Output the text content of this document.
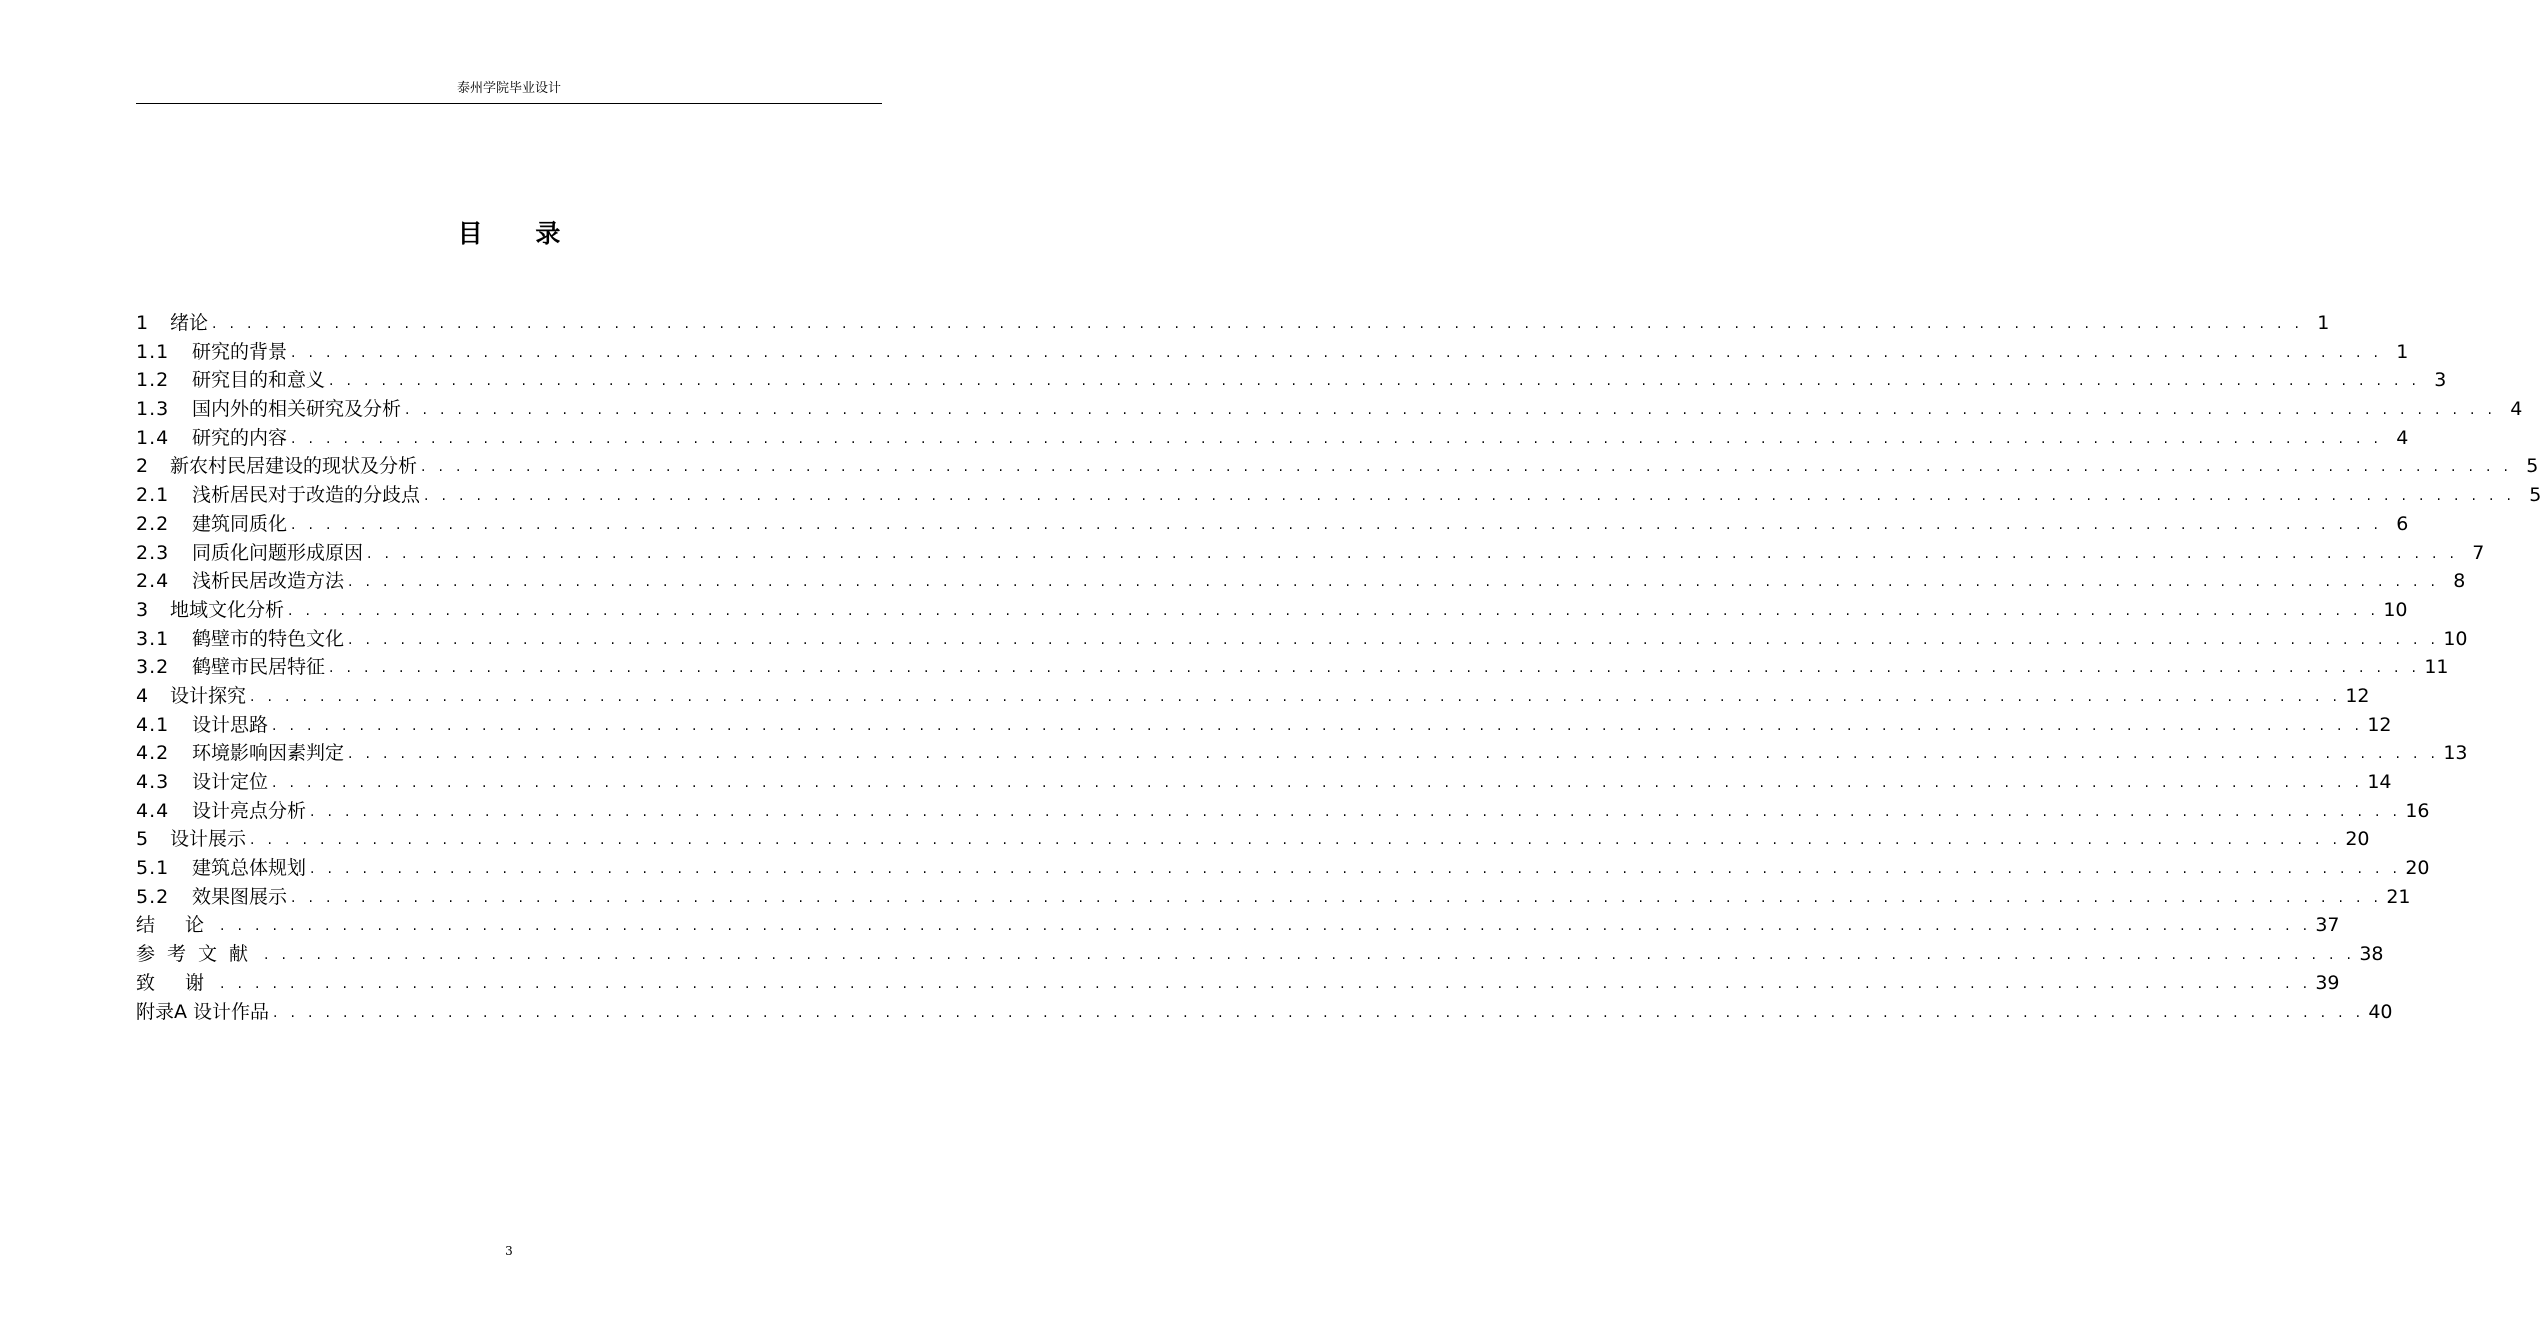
泰州学院毕业设计
目 录
1 绪论 . . . . . . . . . . . . . . . . . . . . . . . . . . . . . . . . . . . . . . . . . . . . . . . . . . . . . . . . . . . . . . . . . . . . . . . . . . . . . . . . . . . . . . . . . . . . . . . . . . . . . . . . . . . . . . . . . . . . . . . . 1
1.1 研究的背景 . . . . . . . . . . . . . . . . . . . . . . . . . . . . . . . . . . . . . . . . . . . . . . . . . . . . . . . . . . . . . . . . . . . . . . . . . . . . . . . . . . . . . . . . . . . . . . . . . . . . . . . . . . . . . . . . . . . . . . . . 1
1.2 研究目的和意义 . . . . . . . . . . . . . . . . . . . . . . . . . . . . . . . . . . . . . . . . . . . . . . . . . . . . . . . . . . . . . . . . . . . . . . . . . . . . . . . . . . . . . . . . . . . . . . . . . . . . . . . . . . . . . . . . . . . . . . . . 3
1.3 国内外的相关研究及分析 . . . . . . . . . . . . . . . . . . . . . . . . . . . . . . . . . . . . . . . . . . . . . . . . . . . . . . . . . . . . . . . . . . . . . . . . . . . . . . . . . . . . . . . . . . . . . . . . . . . . . . . . . . . . . . . . . . . . . . . . 4
1.4 研究的内容 . . . . . . . . . . . . . . . . . . . . . . . . . . . . . . . . . . . . . . . . . . . . . . . . . . . . . . . . . . . . . . . . . . . . . . . . . . . . . . . . . . . . . . . . . . . . . . . . . . . . . . . . . . . . . . . . . . . . . . . . 4
2 新农村民居建设的现状及分析 . . . . . . . . . . . . . . . . . . . . . . . . . . . . . . . . . . . . . . . . . . . . . . . . . . . . . . . . . . . . . . . . . . . . . . . . . . . . . . . . . . . . . . . . . . . . . . . . . . . . . . . . . . . . . . . . . . . . . . . . 5
2.1 浅析居民对于改造的分歧点 . . . . . . . . . . . . . . . . . . . . . . . . . . . . . . . . . . . . . . . . . . . . . . . . . . . . . . . . . . . . . . . . . . . . . . . . . . . . . . . . . . . . . . . . . . . . . . . . . . . . . . . . . . . . . . . . . . . . . . . . 5
2.2 建筑同质化 . . . . . . . . . . . . . . . . . . . . . . . . . . . . . . . . . . . . . . . . . . . . . . . . . . . . . . . . . . . . . . . . . . . . . . . . . . . . . . . . . . . . . . . . . . . . . . . . . . . . . . . . . . . . . . . . . . . . . . . . 6
2.3 同质化问题形成原因 . . . . . . . . . . . . . . . . . . . . . . . . . . . . . . . . . . . . . . . . . . . . . . . . . . . . . . . . . . . . . . . . . . . . . . . . . . . . . . . . . . . . . . . . . . . . . . . . . . . . . . . . . . . . . . . . . . . . . . . . 7
2.4 浅析民居改造方法 . . . . . . . . . . . . . . . . . . . . . . . . . . . . . . . . . . . . . . . . . . . . . . . . . . . . . . . . . . . . . . . . . . . . . . . . . . . . . . . . . . . . . . . . . . . . . . . . . . . . . . . . . . . . . . . . . . . . . . . . 8
3 地域文化分析 . . . . . . . . . . . . . . . . . . . . . . . . . . . . . . . . . . . . . . . . . . . . . . . . . . . . . . . . . . . . . . . . . . . . . . . . . . . . . . . . . . . . . . . . . . . . . . . . . . . . . . . . . . . . . . . . . . . . . . . . 10
3.1 鹤壁市的特色文化 . . . . . . . . . . . . . . . . . . . . . . . . . . . . . . . . . . . . . . . . . . . . . . . . . . . . . . . . . . . . . . . . . . . . . . . . . . . . . . . . . . . . . . . . . . . . . . . . . . . . . . . . . . . . . . . . . . . . . . . . 10
3.2 鹤壁市民居特征 . . . . . . . . . . . . . . . . . . . . . . . . . . . . . . . . . . . . . . . . . . . . . . . . . . . . . . . . . . . . . . . . . . . . . . . . . . . . . . . . . . . . . . . . . . . . . . . . . . . . . . . . . . . . . . . . . . . . . . . . 11
4 设计探究 . . . . . . . . . . . . . . . . . . . . . . . . . . . . . . . . . . . . . . . . . . . . . . . . . . . . . . . . . . . . . . . . . . . . . . . . . . . . . . . . . . . . . . . . . . . . . . . . . . . . . . . . . . . . . . . . . . . . . . . . 12
4.1 设计思路 . . . . . . . . . . . . . . . . . . . . . . . . . . . . . . . . . . . . . . . . . . . . . . . . . . . . . . . . . . . . . . . . . . . . . . . . . . . . . . . . . . . . . . . . . . . . . . . . . . . . . . . . . . . . . . . . . . . . . . . . 12
4.2 环境影响因素判定 . . . . . . . . . . . . . . . . . . . . . . . . . . . . . . . . . . . . . . . . . . . . . . . . . . . . . . . . . . . . . . . . . . . . . . . . . . . . . . . . . . . . . . . . . . . . . . . . . . . . . . . . . . . . . . . . . . . . . . . . 13
4.3 设计定位 . . . . . . . . . . . . . . . . . . . . . . . . . . . . . . . . . . . . . . . . . . . . . . . . . . . . . . . . . . . . . . . . . . . . . . . . . . . . . . . . . . . . . . . . . . . . . . . . . . . . . . . . . . . . . . . . . . . . . . . . 14
4.4 设计亮点分析 . . . . . . . . . . . . . . . . . . . . . . . . . . . . . . . . . . . . . . . . . . . . . . . . . . . . . . . . . . . . . . . . . . . . . . . . . . . . . . . . . . . . . . . . . . . . . . . . . . . . . . . . . . . . . . . . . . . . . . . . 16
5 设计展示 . . . . . . . . . . . . . . . . . . . . . . . . . . . . . . . . . . . . . . . . . . . . . . . . . . . . . . . . . . . . . . . . . . . . . . . . . . . . . . . . . . . . . . . . . . . . . . . . . . . . . . . . . . . . . . . . . . . . . . . . 20
5.1 建筑总体规划 . . . . . . . . . . . . . . . . . . . . . . . . . . . . . . . . . . . . . . . . . . . . . . . . . . . . . . . . . . . . . . . . . . . . . . . . . . . . . . . . . . . . . . . . . . . . . . . . . . . . . . . . . . . . . . . . . . . . . . . . 20
5.2 效果图展示 . . . . . . . . . . . . . . . . . . . . . . . . . . . . . . . . . . . . . . . . . . . . . . . . . . . . . . . . . . . . . . . . . . . . . . . . . . . . . . . . . . . . . . . . . . . . . . . . . . . . . . . . . . . . . . . . . . . . . . . . 21
结 论 . . . . . . . . . . . . . . . . . . . . . . . . . . . . . . . . . . . . . . . . . . . . . . . . . . . . . . . . . . . . . . . . . . . . . . . . . . . . . . . . . . . . . . . . . . . . . . . . . . . . . . . . . . . . . . . . . . . . . . . . 37
参考文献 . . . . . . . . . . . . . . . . . . . . . . . . . . . . . . . . . . . . . . . . . . . . . . . . . . . . . . . . . . . . . . . . . . . . . . . . . . . . . . . . . . . . . . . . . . . . . . . . . . . . . . . . . . . . . . . . . . . . . . . . 38
致 谢 . . . . . . . . . . . . . . . . . . . . . . . . . . . . . . . . . . . . . . . . . . . . . . . . . . . . . . . . . . . . . . . . . . . . . . . . . . . . . . . . . . . . . . . . . . . . . . . . . . . . . . . . . . . . . . . . . . . . . . . . 39
附录A 设计作品 . . . . . . . . . . . . . . . . . . . . . . . . . . . . . . . . . . . . . . . . . . . . . . . . . . . . . . . . . . . . . . . . . . . . . . . . . . . . . . . . . . . . . . . . . . . . . . . . . . . . . . . . . . . . . . . . . . . . . . . . 40
3
